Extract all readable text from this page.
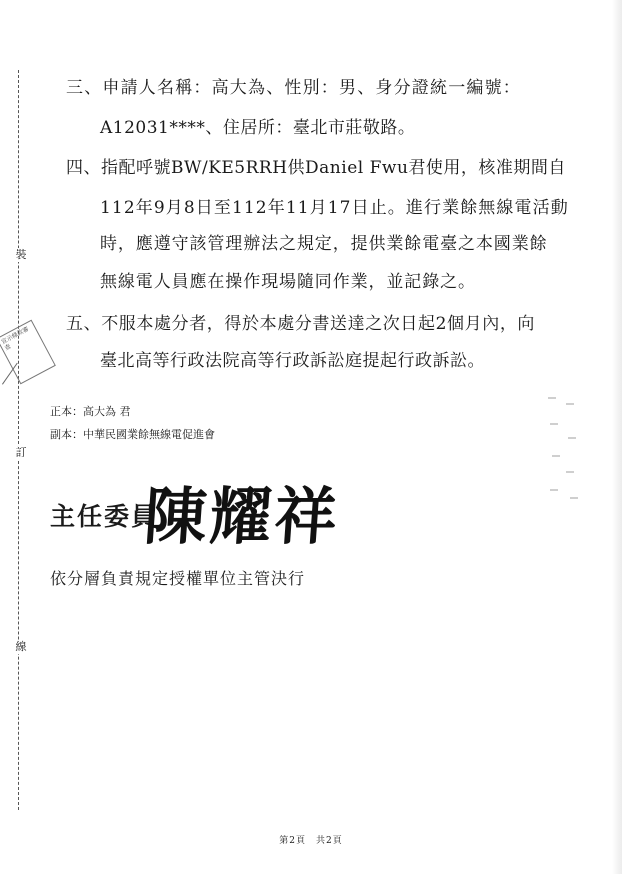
裝
訂
線
宣示條款審查
三、申請人名稱：高大為、性別：男、身分證統一編號：
A12031****、住居所：臺北市莊敬路。
四、指配呼號BW/KE5RRH供Daniel Fwu君使用，核准期間自
112年9月8日至112年11月17日止。進行業餘無線電活動
時，應遵守該管理辦法之規定，提供業餘電臺之本國業餘
無線電人員應在操作現場隨同作業，並記錄之。
五、不服本處分者，得於本處分書送達之次日起2個月內，向
臺北高等行政法院高等行政訴訟庭提起行政訴訟。
正本：高大為 君
副本：中華民國業餘無線電促進會
主任委員
陳耀祥
依分層負責規定授權單位主管決行
第2頁　共2頁
